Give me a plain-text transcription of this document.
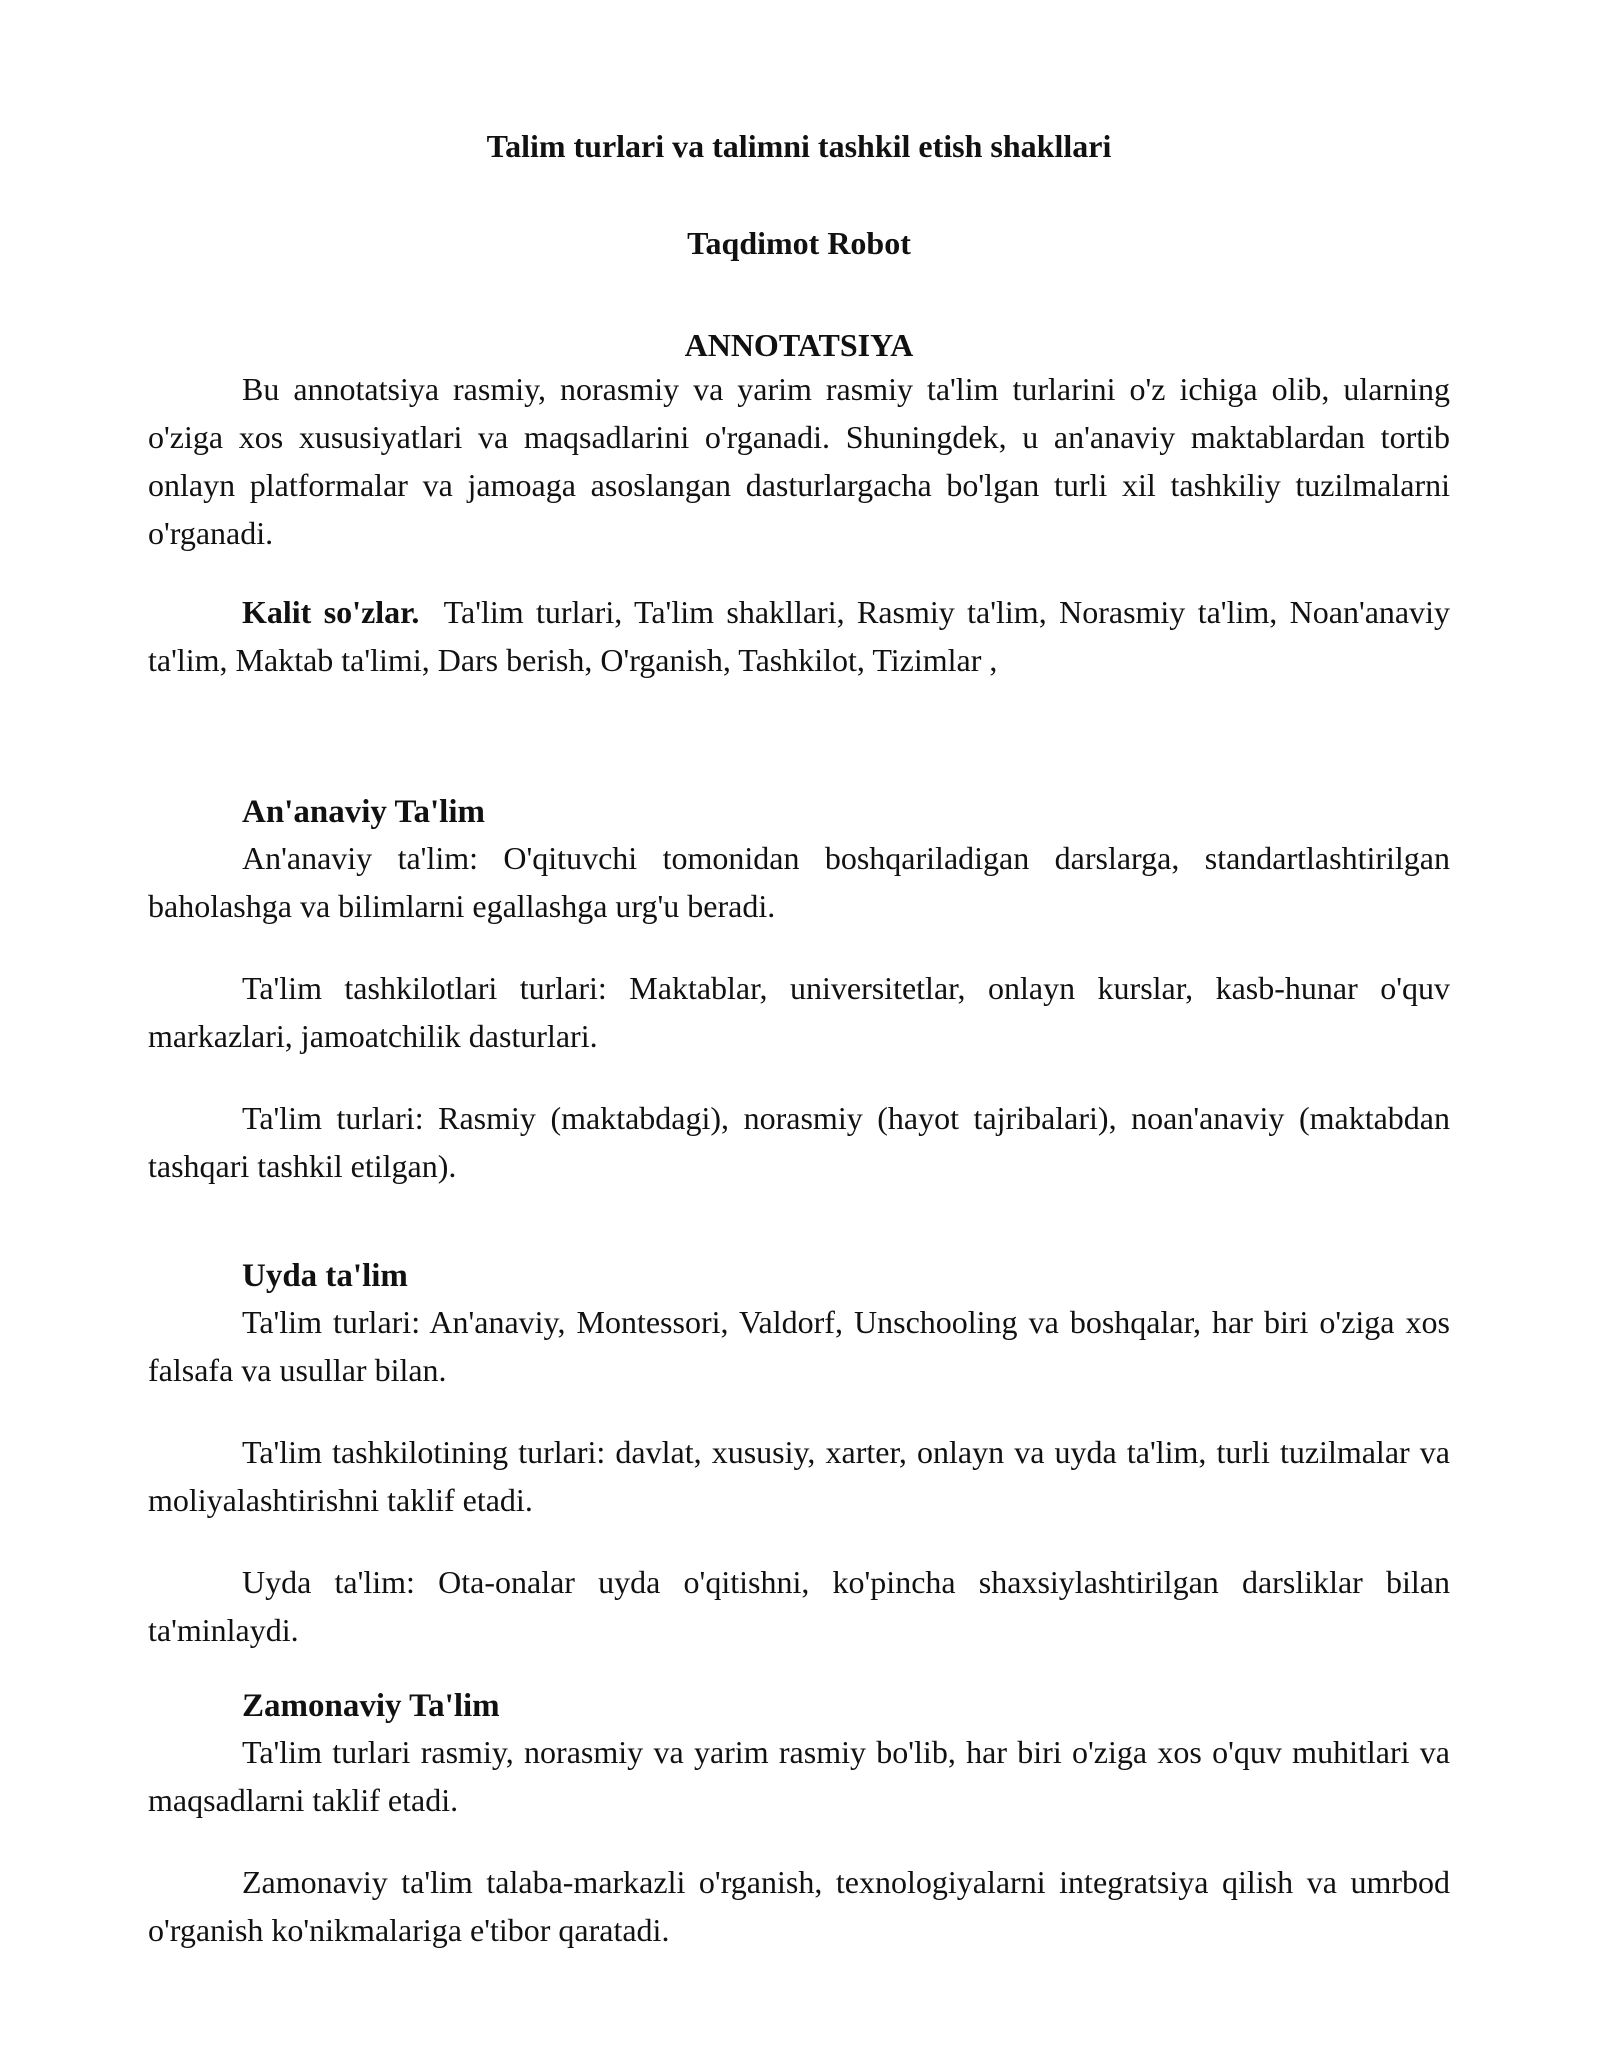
Talim turlari va talimni tashkil etish shakllari
Taqdimot Robot
ANNOTATSIYA

Bu annotatsiya rasmiy, norasmiy va yarim rasmiy ta'lim turlarini o'z ichiga olib, ularning o'ziga xos xususiyatlari va maqsadlarini o'rganadi. Shuningdek, u an'anaviy maktablardan tortib onlayn platformalar va jamoaga asoslangan dasturlargacha bo'lgan turli xil tashkiliy tuzilmalarni o'rganadi.

Kalit so'zlar. Ta'lim turlari, Ta'lim shakllari, Rasmiy ta'lim, Norasmiy ta'lim, Noan'anaviy ta'lim, Maktab ta'limi, Dars berish, O'rganish, Tashkilot, Tizimlar ,

An'anaviy Ta'lim

An'anaviy ta'lim: O'qituvchi tomonidan boshqariladigan darslarga, standartlashtirilgan baholashga va bilimlarni egallashga urg'u beradi.

Ta'lim tashkilotlari turlari: Maktablar, universitetlar, onlayn kurslar, kasb-hunar o'quv markazlari, jamoatchilik dasturlari.

Ta'lim turlari: Rasmiy (maktabdagi), norasmiy (hayot tajribalari), noan'anaviy (maktabdan tashqari tashkil etilgan).

Uyda ta'lim

Ta'lim turlari: An'anaviy, Montessori, Valdorf, Unschooling va boshqalar, har biri o'ziga xos falsafa va usullar bilan.

Ta'lim tashkilotining turlari: davlat, xususiy, xarter, onlayn va uyda ta'lim, turli tuzilmalar va moliyalashtirishni taklif etadi.

Uyda ta'lim: Ota-onalar uyda o'qitishni, ko'pincha shaxsiylashtirilgan darsliklar bilan ta'minlaydi.

Zamonaviy Ta'lim

Ta'lim turlari rasmiy, norasmiy va yarim rasmiy bo'lib, har biri o'ziga xos o'quv muhitlari va maqsadlarni taklif etadi.

Zamonaviy ta'lim talaba-markazli o'rganish, texnologiyalarni integratsiya qilish va umrbod o'rganish ko'nikmalariga e'tibor qaratadi.
